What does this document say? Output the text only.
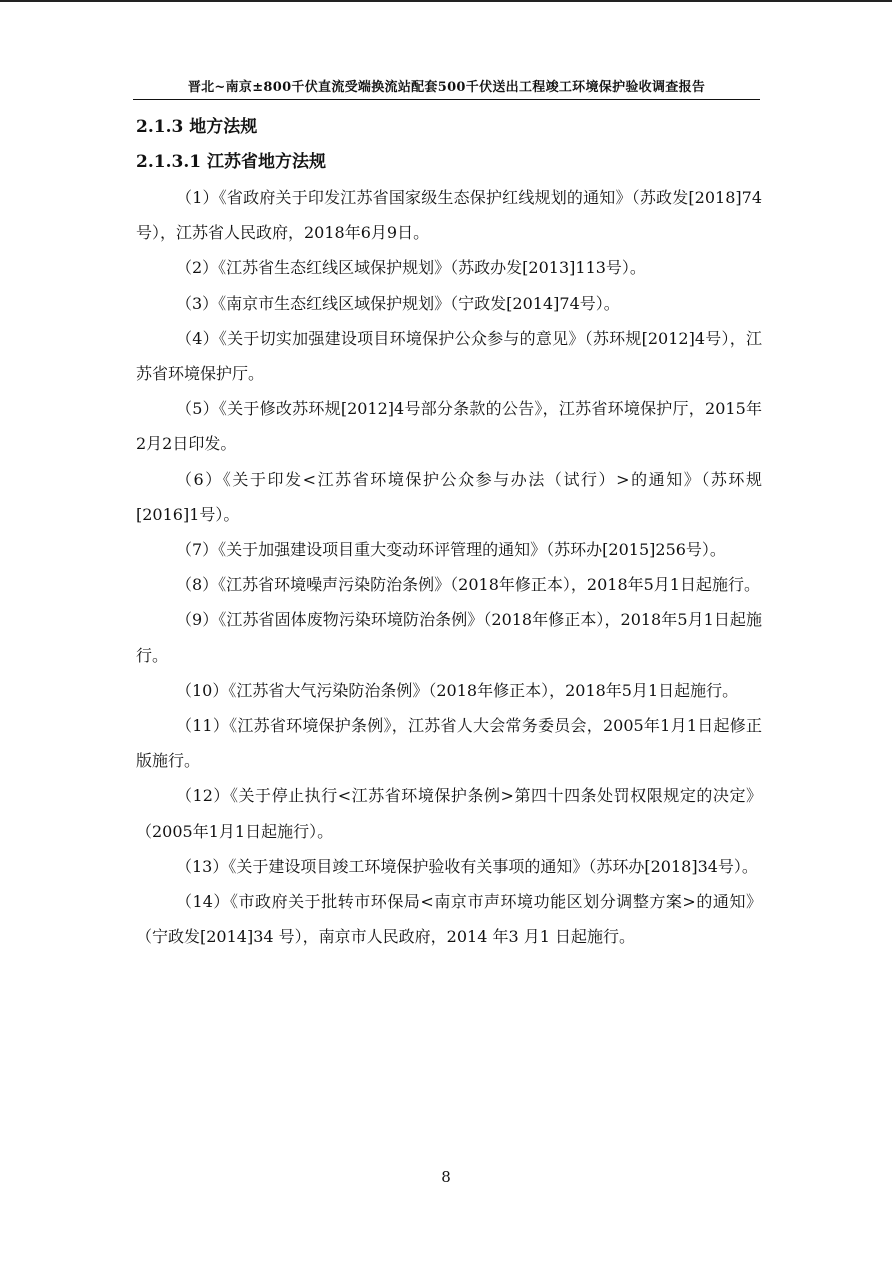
晋北~南京±800千伏直流受端换流站配套500千伏送出工程竣工环境保护验收调查报告

2.1.3 地方法规

2.1.3.1 江苏省地方法规

（1）《省政府关于印发江苏省国家级生态保护红线规划的通知》（苏政发[2018]74号），江苏省人民政府，2018年6月9日。

（2）《江苏省生态红线区域保护规划》（苏政办发[2013]113号）。

（3）《南京市生态红线区域保护规划》（宁政发[2014]74号）。

（4）《关于切实加强建设项目环境保护公众参与的意见》（苏环规[2012]4号），江苏省环境保护厅。

（5）《关于修改苏环规[2012]4号部分条款的公告》，江苏省环境保护厅，2015年2月2日印发。

（6）《关于印发<江苏省环境保护公众参与办法（试行）>的通知》（苏环规[2016]1号）。

（7）《关于加强建设项目重大变动环评管理的通知》（苏环办[2015]256号）。

（8）《江苏省环境噪声污染防治条例》（2018年修正本），2018年5月1日起施行。

（9）《江苏省固体废物污染环境防治条例》（2018年修正本），2018年5月1日起施行。

（10）《江苏省大气污染防治条例》（2018年修正本），2018年5月1日起施行。

（11）《江苏省环境保护条例》，江苏省人大会常务委员会，2005年1月1日起修正版施行。

（12）《关于停止执行<江苏省环境保护条例>第四十四条处罚权限规定的决定》（2005年1月1日起施行）。

（13）《关于建设项目竣工环境保护验收有关事项的通知》（苏环办[2018]34号）。

（14）《市政府关于批转市环保局<南京市声环境功能区划分调整方案>的通知》（宁政发[2014]34 号），南京市人民政府，2014 年3 月1 日起施行。

8
